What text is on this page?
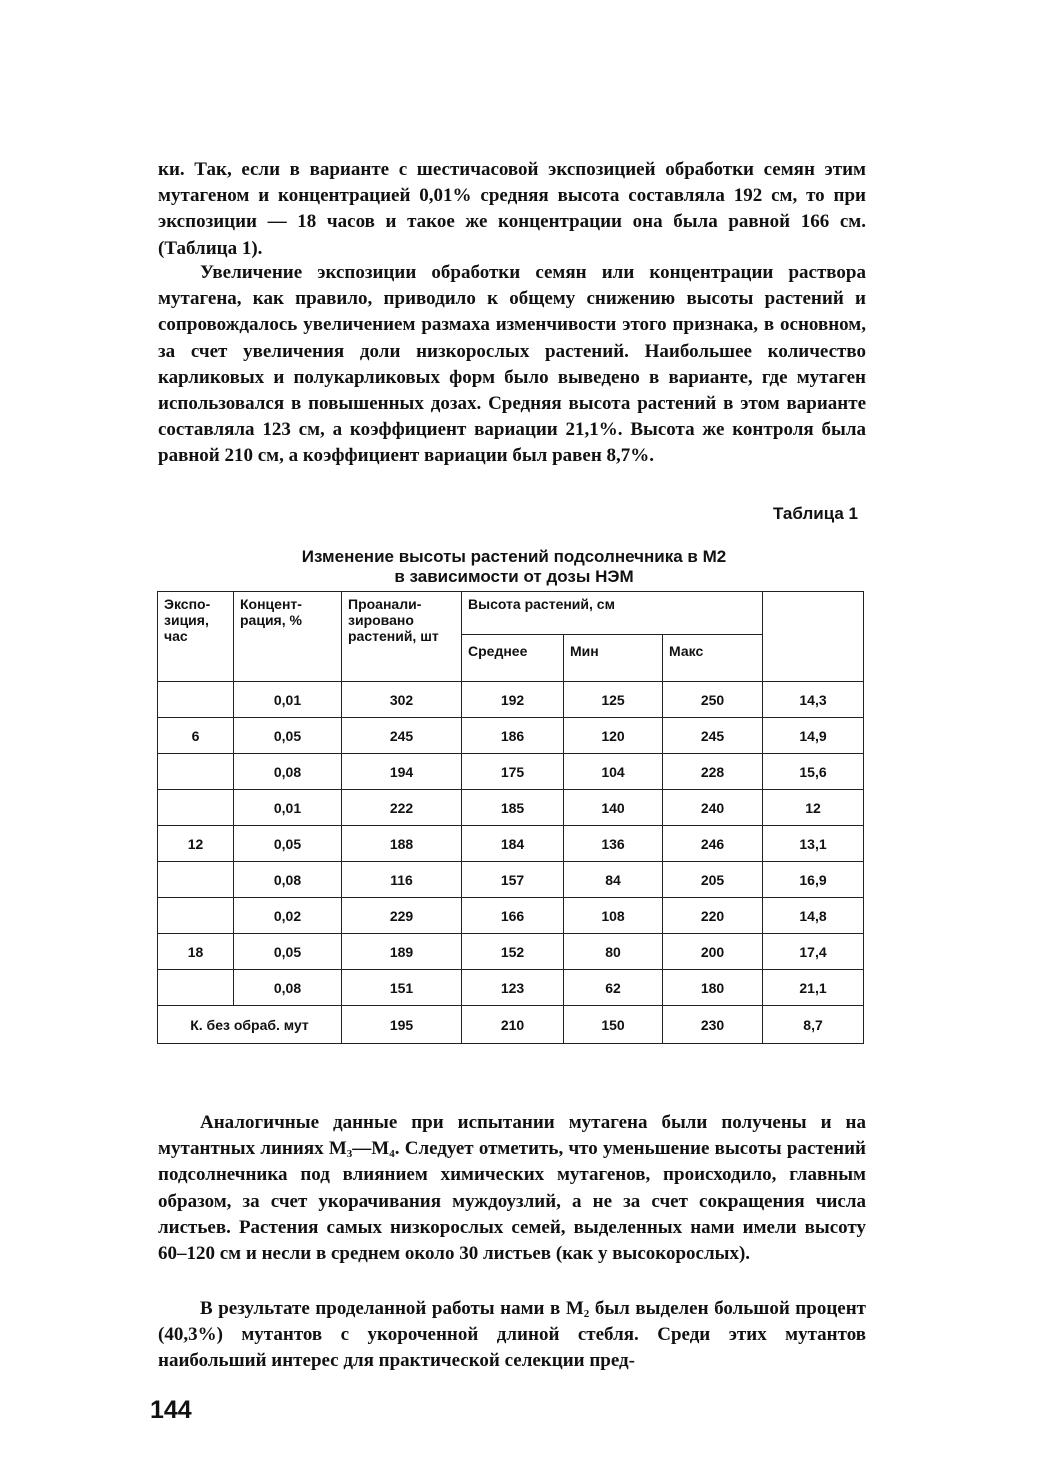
ки. Так, если в варианте с шестичасовой экспозицией обработки семян этим мутагеном и концентрацией 0,01% средняя высота составляла 192 см, то при экспозиции — 18 часов и такое же концентрации она была равной 166 см. (Таблица 1).

Увеличение экспозиции обработки семян или концентрации раствора мутагена, как правило, приводило к общему снижению высоты растений и сопровождалось увеличением размаха изменчивости этого признака, в основном, за счет увеличения доли низкорослых растений. Наибольшее количество карликовых и полукарликовых форм было выведено в варианте, где мутаген использовался в повышенных дозах. Средняя высота растений в этом варианте составляла 123 см, а коэффициент вариации 21,1%. Высота же контроля была равной 210 см, а коэффициент вариации был равен 8,7%.

Таблица 1

Изменение высоты растений подсолнечника в М2

в зависимости от дозы НЭМ

Экспо-зиция, час	Концент-рация, %	Проанали-зировано растений, шт	Высота растений, см			
			Среднее	Мин	Макс	
	0,01	302	192	125	250	14,3
6	0,05	245	186	120	245	14,9
	0,08	194	175	104	228	15,6
	0,01	222	185	140	240	12
12	0,05	188	184	136	246	13,1
	0,08	116	157	84	205	16,9
	0,02	229	166	108	220	14,8
18	0,05	189	152	80	200	17,4
	0,08	151	123	62	180	21,1
К. без обраб. мут		195	210	150	230	8,7

Аналогичные данные при испытании мутагена были получены и на мутантных линиях $М_3—М_4$. Следует отметить, что уменьшение высоты растений подсолнечника под влиянием химических мутагенов, происходило, главным образом, за счет укорачивания муждоузлий, а не за счет сокращения числа листьев. Растения самых низкорослых семей, выделенных нами имели высоту 60–120 см и несли в среднем около 30 листьев (как у высокорослых).

В результате проделанной работы нами в $М_2$ был выделен большой процент (40,3%) мутантов с укороченной длиной стебля. Среди этих мутантов наибольший интерес для практической селекции пред-

144
